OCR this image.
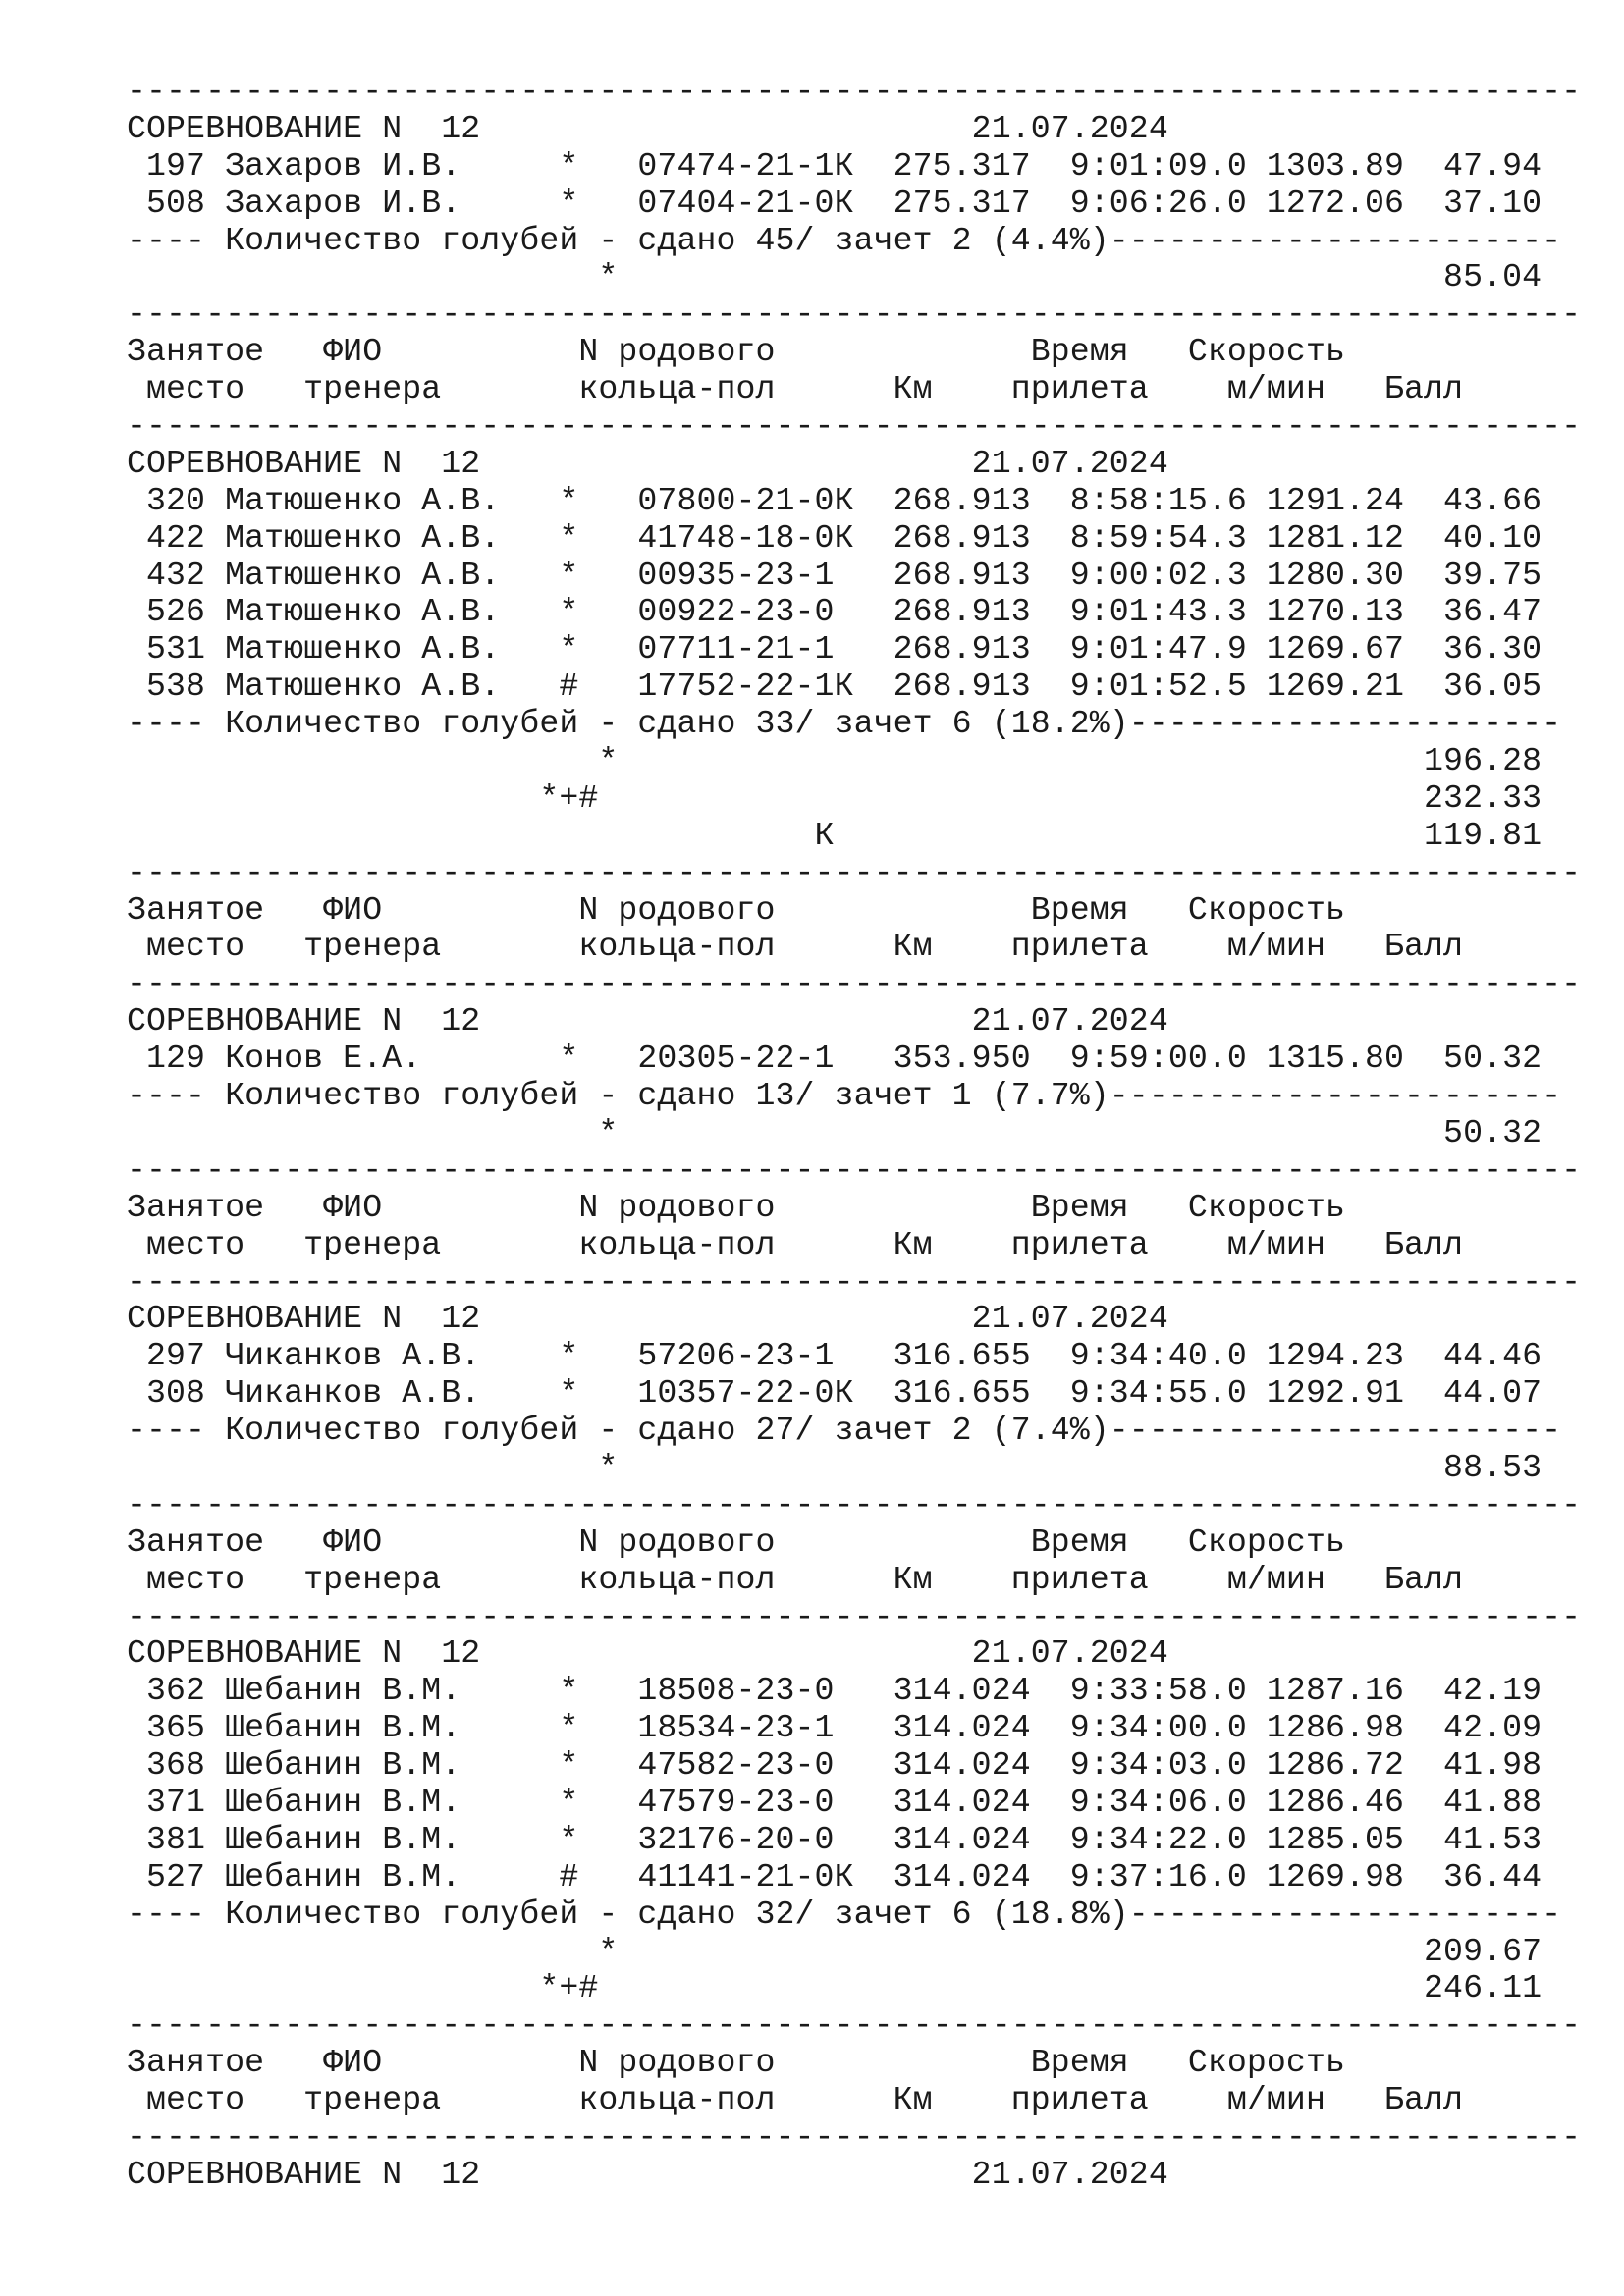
--------------------------------------------------------------------------
СОРЕВНОВАНИЕ N  12                         21.07.2024
197 Захаров И.В.     *   07474-21-1К  275.317  9:01:09.0 1303.89  47.94
508 Захаров И.В.     *   07404-21-0К  275.317  9:06:26.0 1272.06  37.10
---- Количество голубей - сдано 45/ зачет 2 (4.4%)-----------------------
*                                          85.04
--------------------------------------------------------------------------
Занятое   ФИО          N родового             Время   Скорость
место   тренера       кольца-пол      Км    прилета    м/мин   Балл
--------------------------------------------------------------------------
СОРЕВНОВАНИЕ N  12                         21.07.2024
320 Матюшенко А.В.   *   07800-21-0К  268.913  8:58:15.6 1291.24  43.66
422 Матюшенко А.В.   *   41748-18-0К  268.913  8:59:54.3 1281.12  40.10
432 Матюшенко А.В.   *   00935-23-1   268.913  9:00:02.3 1280.30  39.75
526 Матюшенко А.В.   *   00922-23-0   268.913  9:01:43.3 1270.13  36.47
531 Матюшенко А.В.   *   07711-21-1   268.913  9:01:47.9 1269.67  36.30
538 Матюшенко А.В.   #   17752-22-1К  268.913  9:01:52.5 1269.21  36.05
---- Количество голубей - сдано 33/ зачет 6 (18.2%)----------------------
*                                         196.28
*+#                                          232.33
К                              119.81
--------------------------------------------------------------------------
Занятое   ФИО          N родового             Время   Скорость
место   тренера       кольца-пол      Км    прилета    м/мин   Балл
--------------------------------------------------------------------------
СОРЕВНОВАНИЕ N  12                         21.07.2024
129 Конов Е.А.       *   20305-22-1   353.950  9:59:00.0 1315.80  50.32
---- Количество голубей - сдано 13/ зачет 1 (7.7%)-----------------------
*                                          50.32
--------------------------------------------------------------------------
Занятое   ФИО          N родового             Время   Скорость
место   тренера       кольца-пол      Км    прилета    м/мин   Балл
--------------------------------------------------------------------------
СОРЕВНОВАНИЕ N  12                         21.07.2024
297 Чиканков А.В.    *   57206-23-1   316.655  9:34:40.0 1294.23  44.46
308 Чиканков А.В.    *   10357-22-0К  316.655  9:34:55.0 1292.91  44.07
---- Количество голубей - сдано 27/ зачет 2 (7.4%)-----------------------
*                                          88.53
--------------------------------------------------------------------------
Занятое   ФИО          N родового             Время   Скорость
место   тренера       кольца-пол      Км    прилета    м/мин   Балл
--------------------------------------------------------------------------
СОРЕВНОВАНИЕ N  12                         21.07.2024
362 Шебанин В.М.     *   18508-23-0   314.024  9:33:58.0 1287.16  42.19
365 Шебанин В.М.     *   18534-23-1   314.024  9:34:00.0 1286.98  42.09
368 Шебанин В.М.     *   47582-23-0   314.024  9:34:03.0 1286.72  41.98
371 Шебанин В.М.     *   47579-23-0   314.024  9:34:06.0 1286.46  41.88
381 Шебанин В.М.     *   32176-20-0   314.024  9:34:22.0 1285.05  41.53
527 Шебанин В.М.     #   41141-21-0К  314.024  9:37:16.0 1269.98  36.44
---- Количество голубей - сдано 32/ зачет 6 (18.8%)----------------------
*                                         209.67
*+#                                          246.11
--------------------------------------------------------------------------
Занятое   ФИО          N родового             Время   Скорость
место   тренера       кольца-пол      Км    прилета    м/мин   Балл
--------------------------------------------------------------------------
СОРЕВНОВАНИЕ N  12                         21.07.2024
